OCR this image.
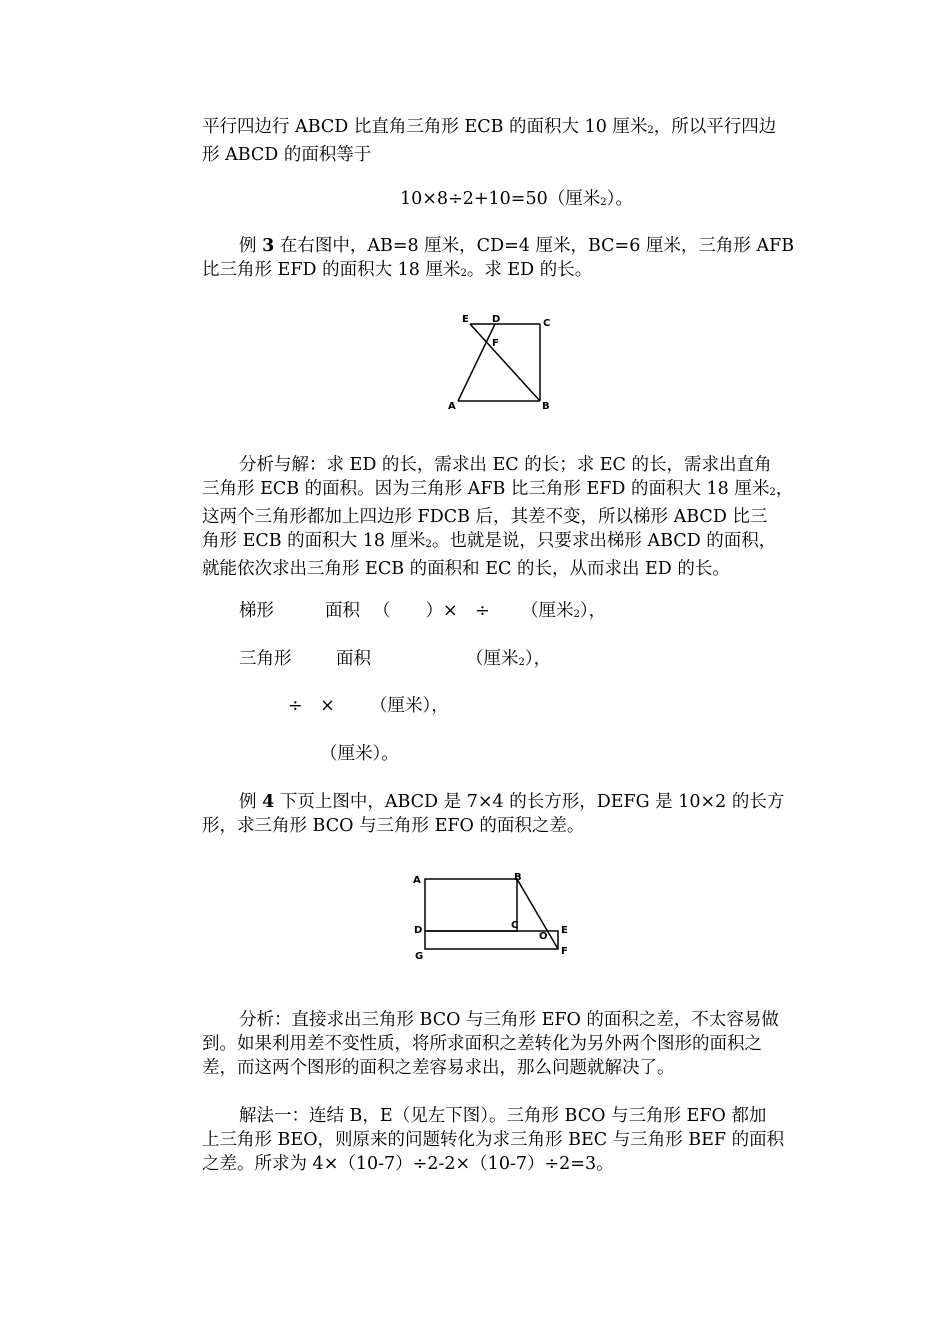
平行四边行 ABCD 比直角三角形 ECB 的面积大 10 厘米$_2$，所以平行四边
形 ABCD 的面积等于
10×8÷2+10=50（厘米$_2$）。
例 3 在右图中，AB=8 厘米，CD=4 厘米，BC=6 厘米，三角形 AFB
比三角形 EFD 的面积大 18 厘米$_2$。求 ED 的长。
E D	C
F
A	B
分析与解：求 ED 的长，需求出 EC 的长；求 EC 的长，需求出直角
三角形 ECB 的面积。因为三角形 AFB 比三角形 EFD 的面积大 18 厘米$_2$，
这两个三角形都加上四边形 FDCB 后，其差不变，所以梯形 ABCD 比三
角形 ECB 的面积大 18 厘米$_2$。也就是说，只要求出梯形 ABCD 的面积，
就能依次求出三角形 ECB 的面积和 EC 的长，从而求出 ED 的长。
梯形	面积 （　　）×　÷ （厘米$_2$），
三角形	面积	（厘米$_2$），
÷　× （厘米），
（厘米）。
例 4 下页上图中，ABCD 是 7×4 的长方形，DEFG 是 10×2 的长方
形，求三角形 BCO 与三角形 EFO 的面积之差。
A	B
C
D
O
E
F
G
分析：直接求出三角形 BCO 与三角形 EFO 的面积之差，不太容易做
到。如果利用差不变性质，将所求面积之差转化为另外两个图形的面积之
差，而这两个图形的面积之差容易求出，那么问题就解决了。
解法一：连结 B，E（见左下图）。三角形 BCO 与三角形 EFO 都加
上三角形 BEO，则原来的问题转化为求三角形 BEC 与三角形 BEF 的面积
之差。所求为 4×（10-7）÷2-2×（10-7）÷2=3。
